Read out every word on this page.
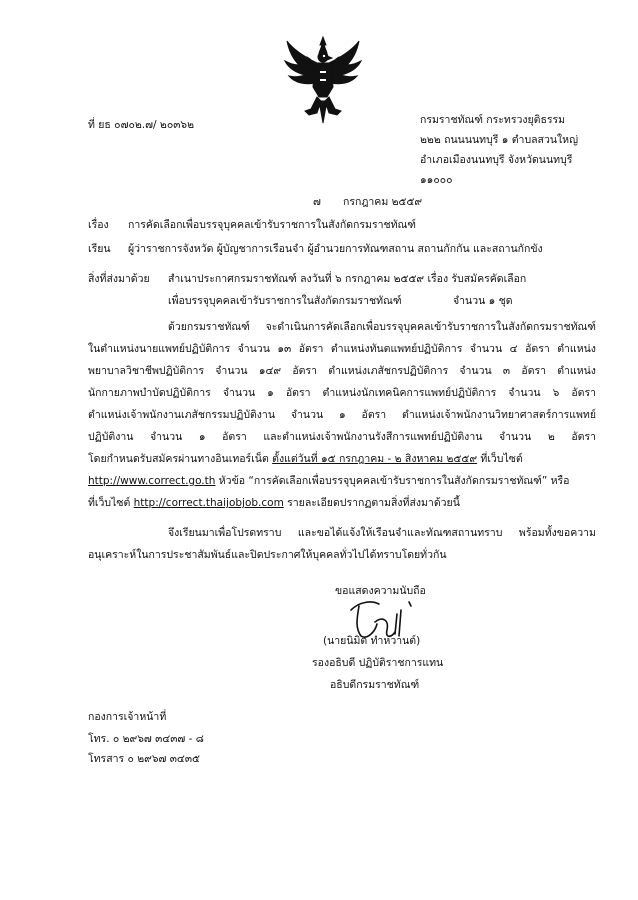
ที่ ยธ ๐๗๐๒.๗/ ๒๐๓๖๒	กรมราชทัณฑ์ กระทรวงยุติธรรม
๒๒๒ ถนนนนทบุรี ๑ ตำบลสวนใหญ่
อำเภอเมืองนนทบุรี จังหวัดนนทบุรี
๑๑๐๐๐
๗ กรกฎาคม ๒๕๕๙
เรื่อง การคัดเลือกเพื่อบรรจุบุคคลเข้ารับราชการในสังกัดกรมราชทัณฑ์
เรียน ผู้ว่าราชการจังหวัด ผู้บัญชาการเรือนจำ ผู้อำนวยการทัณฑสถาน สถานกักกัน และสถานกักขัง
สิ่งที่ส่งมาด้วย สำเนาประกาศกรมราชทัณฑ์ ลงวันที่ ๖ กรกฎาคม ๒๕๕๙ เรื่อง รับสมัครคัดเลือก
เพื่อบรรจุบุคคลเข้ารับราชการในสังกัดกรมราชทัณฑ์	จำนวน ๑ ชุด
ด้วยกรมราชทัณฑ์ จะดำเนินการคัดเลือกเพื่อบรรจุบุคคลเข้ารับราชการในสังกัดกรมราชทัณฑ์
ในตำแหน่งนายแพทย์ปฏิบัติการ จำนวน ๑๓ อัตรา ตำแหน่งทันตแพทย์ปฏิบัติการ จำนวน ๔ อัตรา ตำแหน่ง
พยาบาลวิชาชีพปฏิบัติการ จำนวน ๑๔๙ อัตรา ตำแหน่งเภสัชกรปฏิบัติการ จำนวน ๓ อัตรา ตำแหน่ง
นักกายภาพบำบัดปฏิบัติการ จำนวน ๑ อัตรา ตำแหน่งนักเทคนิคการแพทย์ปฏิบัติการ จำนวน ๖ อัตรา
ตำแหน่งเจ้าพนักงานเภสัชกรรมปฏิบัติงาน จำนวน ๑ อัตรา ตำแหน่งเจ้าพนักงานวิทยาศาสตร์การแพทย์
ปฏิบัติงาน จำนวน ๑ อัตรา และตำแหน่งเจ้าพนักงานรังสีการแพทย์ปฏิบัติงาน จำนวน ๒ อัตรา
โดยกำหนดรับสมัครผ่านทางอินเทอร์เน็ต ตั้งแต่วันที่ ๑๕ กรกฎาคม - ๒ สิงหาคม ๒๕๕๙ ที่เว็บไซต์
http://www.correct.go.th หัวข้อ “การคัดเลือกเพื่อบรรจุบุคคลเข้ารับราชการในสังกัดกรมราชทัณฑ์” หรือ
ที่เว็บไซต์ http://correct.thaijobjob.com รายละเอียดปรากฏตามสิ่งที่ส่งมาด้วยนี้
จึงเรียนมาเพื่อโปรดทราบ และขอได้แจ้งให้เรือนจำและทัณฑสถานทราบ พร้อมทั้งขอความ
อนุเคราะห์ในการประชาสัมพันธ์และปิดประกาศให้บุคคลทั่วไปได้ทราบโดยทั่วกัน
ขอแสดงความนับถือ
(นายนิมิต ทำหวานต์)
รองอธิบดี ปฏิบัติราชการแทน
อธิบดีกรมราชทัณฑ์
กองการเจ้าหน้าที่
โทร. ๐ ๒๙๖๗ ๓๔๓๗ - ๘
โทรสาร ๐ ๒๙๖๗ ๓๔๓๕
